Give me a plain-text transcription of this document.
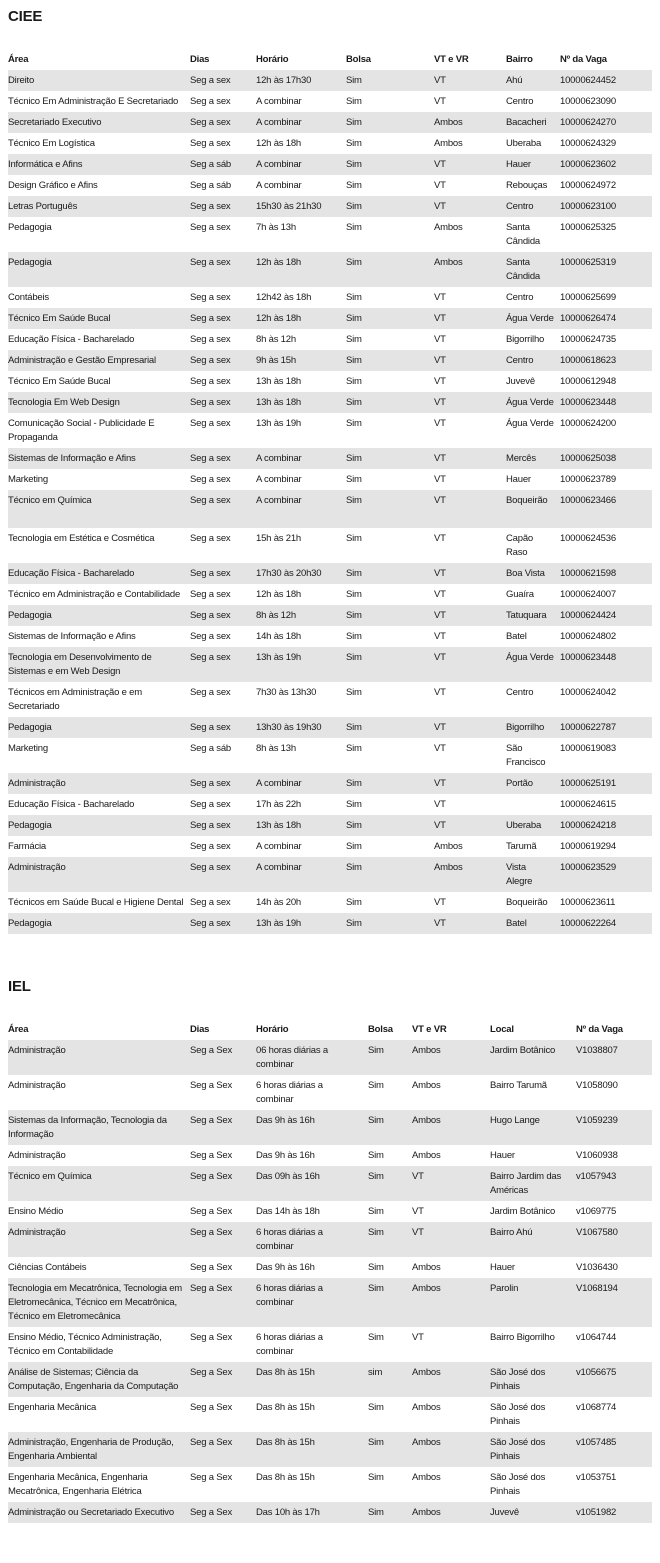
CIEE
Área	Dias	Horário	Bolsa	VT e VR	Bairro	Nº da Vaga
Direito	Seg a sex	12h às 17h30	Sim	VT	Ahú	10000624452
Técnico Em Administração E Secretariado	Seg a sex	A combinar	Sim	VT	Centro	10000623090
Secretariado Executivo	Seg a sex	A combinar	Sim	Ambos	Bacacheri	10000624270
Técnico Em Logística	Seg a sex	12h às 18h	Sim	Ambos	Uberaba	10000624329
Informática e Afins	Seg a sáb	A combinar	Sim	VT	Hauer	10000623602
Design Gráfico e Afins	Seg a sáb	A combinar	Sim	VT	Rebouças	10000624972
Letras Português	Seg a sex	15h30 às 21h30	Sim	VT	Centro	10000623100
Pedagogia	Seg a sex	7h às 13h	Sim	Ambos	Santa Cândida	10000625325
Pedagogia	Seg a sex	12h às 18h	Sim	Ambos	Santa Cândida	10000625319
Contábeis	Seg a sex	12h42 às 18h	Sim	VT	Centro	10000625699
Técnico Em Saúde Bucal	Seg a sex	12h às 18h	Sim	VT	Água Verde	10000626474
Educação Física - Bacharelado	Seg a sex	8h às 12h	Sim	VT	Bigorrilho	10000624735
Administração e Gestão Empresarial	Seg a sex	9h às 15h	Sim	VT	Centro	10000618623
Técnico Em Saúde Bucal	Seg a sex	13h às 18h	Sim	VT	Juvevê	10000612948
Tecnologia Em Web Design	Seg a sex	13h às 18h	Sim	VT	Água Verde	10000623448
Comunicação Social - Publicidade E Propaganda	Seg a sex	13h às 19h	Sim	VT	Água Verde	10000624200
Sistemas de Informação e Afins	Seg a sex	A combinar	Sim	VT	Mercês	10000625038
Marketing	Seg a sex	A combinar	Sim	VT	Hauer	10000623789
Técnico em Química	Seg a sex	A combinar	Sim	VT	Boqueirão	10000623466
Tecnologia em Estética e Cosmética	Seg a sex	15h às 21h	Sim	VT	Capão Raso	10000624536
Educação Física - Bacharelado	Seg a sex	17h30 às 20h30	Sim	VT	Boa Vista	10000621598
Técnico em Administração e Contabilidade	Seg a sex	12h às 18h	Sim	VT	Guaíra	10000624007
Pedagogia	Seg a sex	8h às 12h	Sim	VT	Tatuquara	10000624424
Sistemas de Informação e Afins	Seg a sex	14h às 18h	Sim	VT	Batel	10000624802
Tecnologia em Desenvolvimento de Sistemas e em Web Design	Seg a sex	13h às 19h	Sim	VT	Água Verde	10000623448
Técnicos em Administração e em Secretariado	Seg a sex	7h30 às 13h30	Sim	VT	Centro	10000624042
Pedagogia	Seg a sex	13h30 às 19h30	Sim	VT	Bigorrilho	10000622787
Marketing	Seg a sáb	8h às 13h	Sim	VT	São Francisco	10000619083
Administração	Seg a sex	A combinar	Sim	VT	Portão	10000625191
Educação Física - Bacharelado	Seg a sex	17h às 22h	Sim	VT		10000624615
Pedagogia	Seg a sex	13h às 18h	Sim	VT	Uberaba	10000624218
Farmácia	Seg a sex	A combinar	Sim	Ambos	Tarumã	10000619294
Administração	Seg a sex	A combinar	Sim	Ambos	Vista Alegre	10000623529
Técnicos em Saúde Bucal e Higiene Dental	Seg a sex	14h às 20h	Sim	VT	Boqueirão	10000623611
Pedagogia	Seg a sex	13h às 19h	Sim	VT	Batel	10000622264
IEL
Área	Dias	Horário	Bolsa	VT e VR	Local	Nº da Vaga
Administração	Seg a Sex	06 horas diárias a combinar	Sim	Ambos	Jardim Botânico	V1038807
Administração	Seg a Sex	6 horas diárias a combinar	Sim	Ambos	Bairro Tarumã	V1058090
Sistemas da Informação, Tecnologia da Informação	Seg a Sex	Das 9h às 16h	Sim	Ambos	Hugo Lange	V1059239
Administração	Seg a Sex	Das 9h às 16h	Sim	Ambos	Hauer	V1060938
Técnico em Química	Seg a Sex	Das 09h às 16h	Sim	VT	Bairro Jardim das Américas	v1057943
Ensino Médio	Seg a Sex	Das 14h às 18h	Sim	VT	Jardim Botânico	v1069775
Administração	Seg a Sex	6 horas diárias a combinar	Sim	VT	Bairro Ahú	V1067580
Ciências Contábeis	Seg a Sex	Das 9h às 16h	Sim	Ambos	Hauer	V1036430
Tecnologia em Mecatrônica, Tecnologia em Eletromecânica, Técnico em Mecatrônica, Técnico em Eletromecânica	Seg a Sex	6 horas diárias a combinar	Sim	Ambos	Parolin	V1068194
Ensino Médio, Técnico Administração, Técnico em Contabilidade	Seg a Sex	6 horas diárias a combinar	Sim	VT	Bairro Bigorrilho	v1064744
Análise de Sistemas; Ciência da Computação, Engenharia da Computação	Seg a Sex	Das 8h às 15h	sim	Ambos	São José dos Pinhais	v1056675
Engenharia Mecânica	Seg a Sex	Das 8h às 15h	Sim	Ambos	São José dos Pinhais	v1068774
Administração, Engenharia de Produção, Engenharia Ambiental	Seg a Sex	Das 8h às 15h	Sim	Ambos	São José dos Pinhais	v1057485
Engenharia Mecânica, Engenharia Mecatrônica, Engenharia Elétrica	Seg a Sex	Das 8h às 15h	Sim	Ambos	São José dos Pinhais	v1053751
Administração ou Secretariado Executivo	Seg a Sex	Das 10h às 17h	Sim	Ambos	Juvevê	v1051982
